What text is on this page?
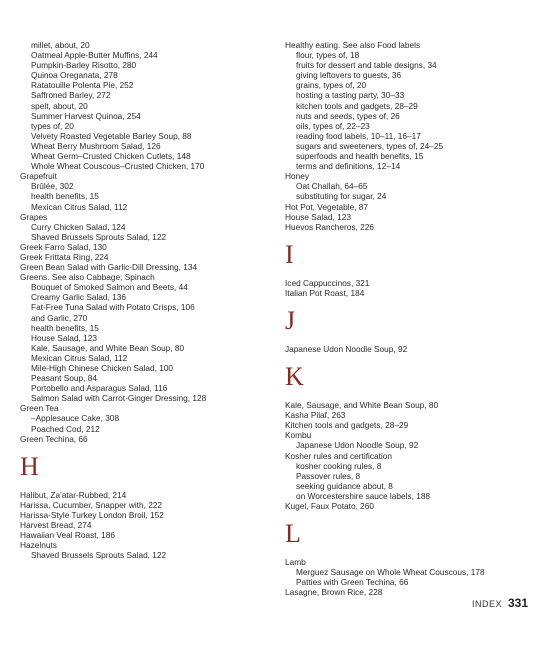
millet, about, 20
Oatmeal Apple-Butter Muffins, 244
Pumpkin-Barley Risotto, 280
Quinoa Oreganata, 278
Ratatouille Polenta Pie, 252
Saffroned Barley, 272
spelt, about, 20
Summer Harvest Quinoa, 254
types of, 20
Velvety Roasted Vegetable Barley Soup, 88
Wheat Berry Mushroom Salad, 126
Wheat Germ–Crusted Chicken Cutlets, 148
Whole Wheat Couscous–Crusted Chicken, 170
Grapefruit
Brûlée, 302
health benefits, 15
Mexican Citrus Salad, 112
Grapes
Curry Chicken Salad, 124
Shaved Brussels Sprouts Salad, 122
Greek Farro Salad, 130
Greek Frittata Ring, 224
Green Bean Salad with Garlic-Dill Dressing, 134
Greens. See also Cabbage; Spinach
Bouquet of Smoked Salmon and Beets, 44
Creamy Garlic Salad, 136
Fat-Free Tuna Salad with Potato Crisps, 106
and Garlic, 270
health benefits, 15
House Salad, 123
Kale, Sausage, and White Bean Soup, 80
Mexican Citrus Salad, 112
Mile-High Chinese Chicken Salad, 100
Peasant Soup, 84
Portobello and Asparagus Salad, 116
Salmon Salad with Carrot-Ginger Dressing, 128
Green Tea
–Applesauce Cake, 308
Poached Cod, 212
Green Techina, 66
H
Halibut, Za'atar-Rubbed, 214
Harissa, Cucumber, Snapper with, 222
Harissa-Style Turkey London Broil, 152
Harvest Bread, 274
Hawaiian Veal Roast, 186
Hazelnuts
Shaved Brussels Sprouts Salad, 122
Healthy eating. See also Food labels
flour, types of, 18
fruits for dessert and table designs, 34
giving leftovers to guests, 36
grains, types of, 20
hosting a tasting party, 30–33
kitchen tools and gadgets, 28–29
nuts and seeds, types of, 26
oils, types of, 22–23
reading food labels, 10–11, 16–17
sugars and sweeteners, types of, 24–25
superfoods and health benefits, 15
terms and definitions, 12–14
Honey
Oat Challah, 64–65
substituting for sugar, 24
Hot Pot, Vegetable, 87
House Salad, 123
Huevos Rancheros, 226
I
Iced Cappuccinos, 321
Italian Pot Roast, 184
J
Japanese Udon Noodle Soup, 92
K
Kale, Sausage, and White Bean Soup, 80
Kasha Pilaf, 263
Kitchen tools and gadgets, 28–29
Kombu
Japanese Udon Noodle Soup, 92
Kosher rules and certification
kosher cooking rules, 8
Passover rules, 8
seeking guidance about, 8
on Worcestershire sauce labels, 188
Kugel, Faux Potato, 260
L
Lamb
Merguez Sausage on Whole Wheat Couscous, 178
Patties with Green Techina, 66
Lasagne, Brown Rice, 228
INDEX 331
